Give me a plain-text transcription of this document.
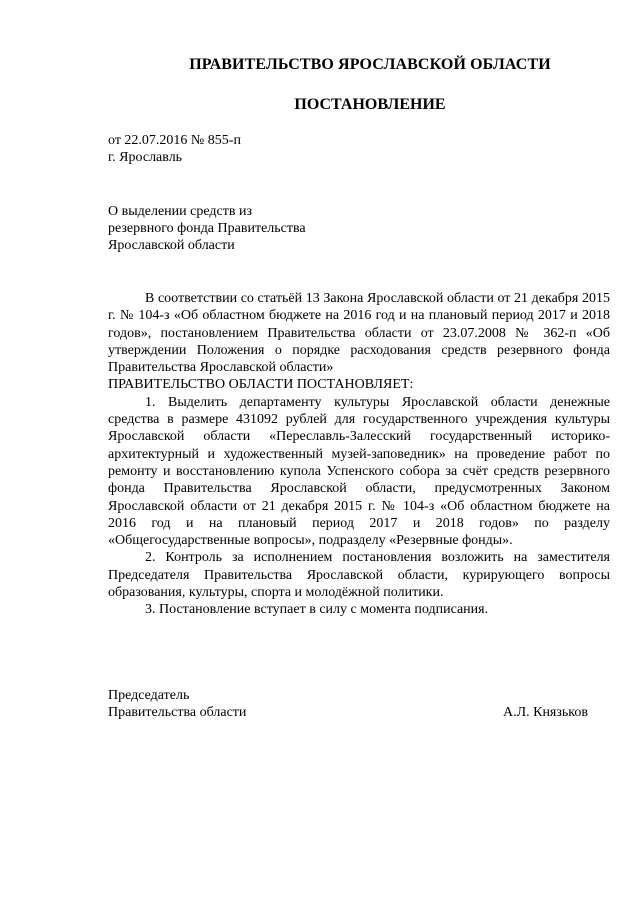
ПРАВИТЕЛЬСТВО ЯРОСЛАВСКОЙ ОБЛАСТИ
ПОСТАНОВЛЕНИЕ
от 22.07.2016 № 855-п
г. Ярославль
О выделении средств из
резервного фонда Правительства
Ярославской области

В соответствии со статьёй 13 Закона Ярославской области от 21 декабря 2015 г. № 104-з «Об областном бюджете на 2016 год и на плановый период 2017 и 2018 годов», постановлением Правительства области от 23.07.2008 № 362-п «Об утверждении Положения о порядке расходования средств резервного фонда Правительства Ярославской области»

ПРАВИТЕЛЬСТВО ОБЛАСТИ ПОСТАНОВЛЯЕТ:

1. Выделить департаменту культуры Ярославской области денежные средства в размере 431092 рублей для государственного учреждения культуры Ярославской области «Переславль-Залесский государственный историко-архитектурный и художественный музей-заповедник» на проведение работ по ремонту и восстановлению купола Успенского собора за счёт средств резервного фонда Правительства Ярославской области, предусмотренных Законом Ярославской области от 21 декабря 2015 г. № 104-з «Об областном бюджете на 2016 год и на плановый период 2017 и 2018 годов» по разделу «Общегосударственные вопросы», подразделу «Резервные фонды».

2. Контроль за исполнением постановления возложить на заместителя Председателя Правительства Ярославской области, курирующего вопросы образования, культуры, спорта и молодёжной политики.

3. Постановление вступает в силу с момента подписания.

Председатель
Правительства области	А.Л. Князьков
